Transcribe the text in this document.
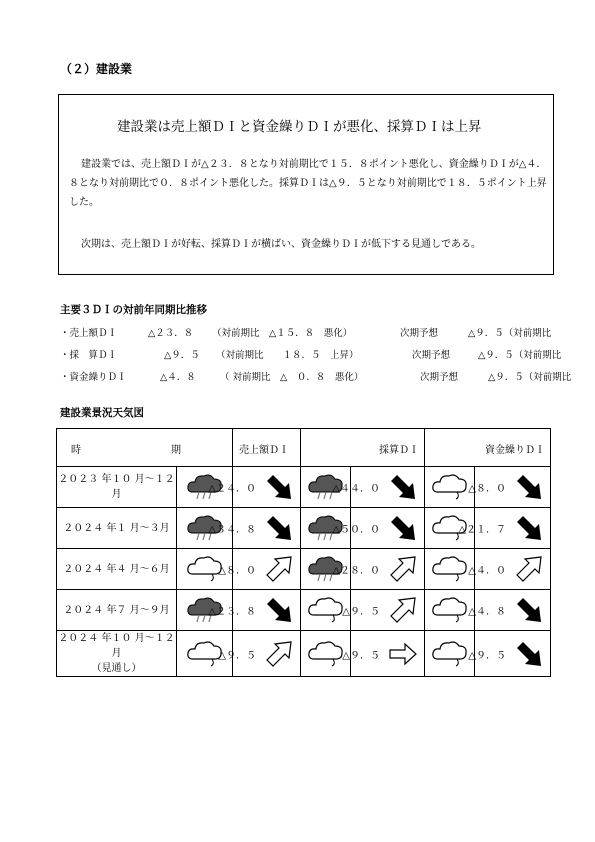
（２）建設業
建設業は売上額ＤＩと資金繰りＤＩが悪化、採算ＤＩは上昇
建設業では、売上額ＤＩが△２３．８となり対前期比で１５．８ポイント悪化し、資金繰りＤＩが△４．８となり対前期比で０．８ポイント悪化した。採算ＤＩは△９．５となり対前期比で１８．５ポイント上昇した。
次期は、売上額ＤＩが好転、採算ＤＩが横ばい、資金繰りＤＩが低下する見通しである。
主要３ＤＩの対前年同期比推移
・売上額ＤＩ	△２３．８ （対前期比　△１５．８　悪化）	次期予想	△９．５（対前期比
・採　算ＤＩ	△９．５ （対前期比　　１８．５　上昇）	次期予想	△９．５（対前期比
・資金繰りＤＩ	△４．８	（ 対前期比　△　０．８　悪化）	次期予想	△９．５（対前期比
建設業景況天気図
時 期 売上額ＤＩ			採算ＤＩ		資金繰りＤＩ	

２０２３ 年１０ 月～１２月		△２４．０		△４４．０		△８．０

２０２４ 年１ 月～３月		△３４．８		△５０．０		△２１．７

２０２４ 年４ 月～６月		△８．０		△２８．０		△４．０

２０２４ 年７ 月～９月		△２３．８		△９．５		△４．８

２０２４ 年１０ 月～１２月
（見通し）		△９．５		△９．５		△９．５
